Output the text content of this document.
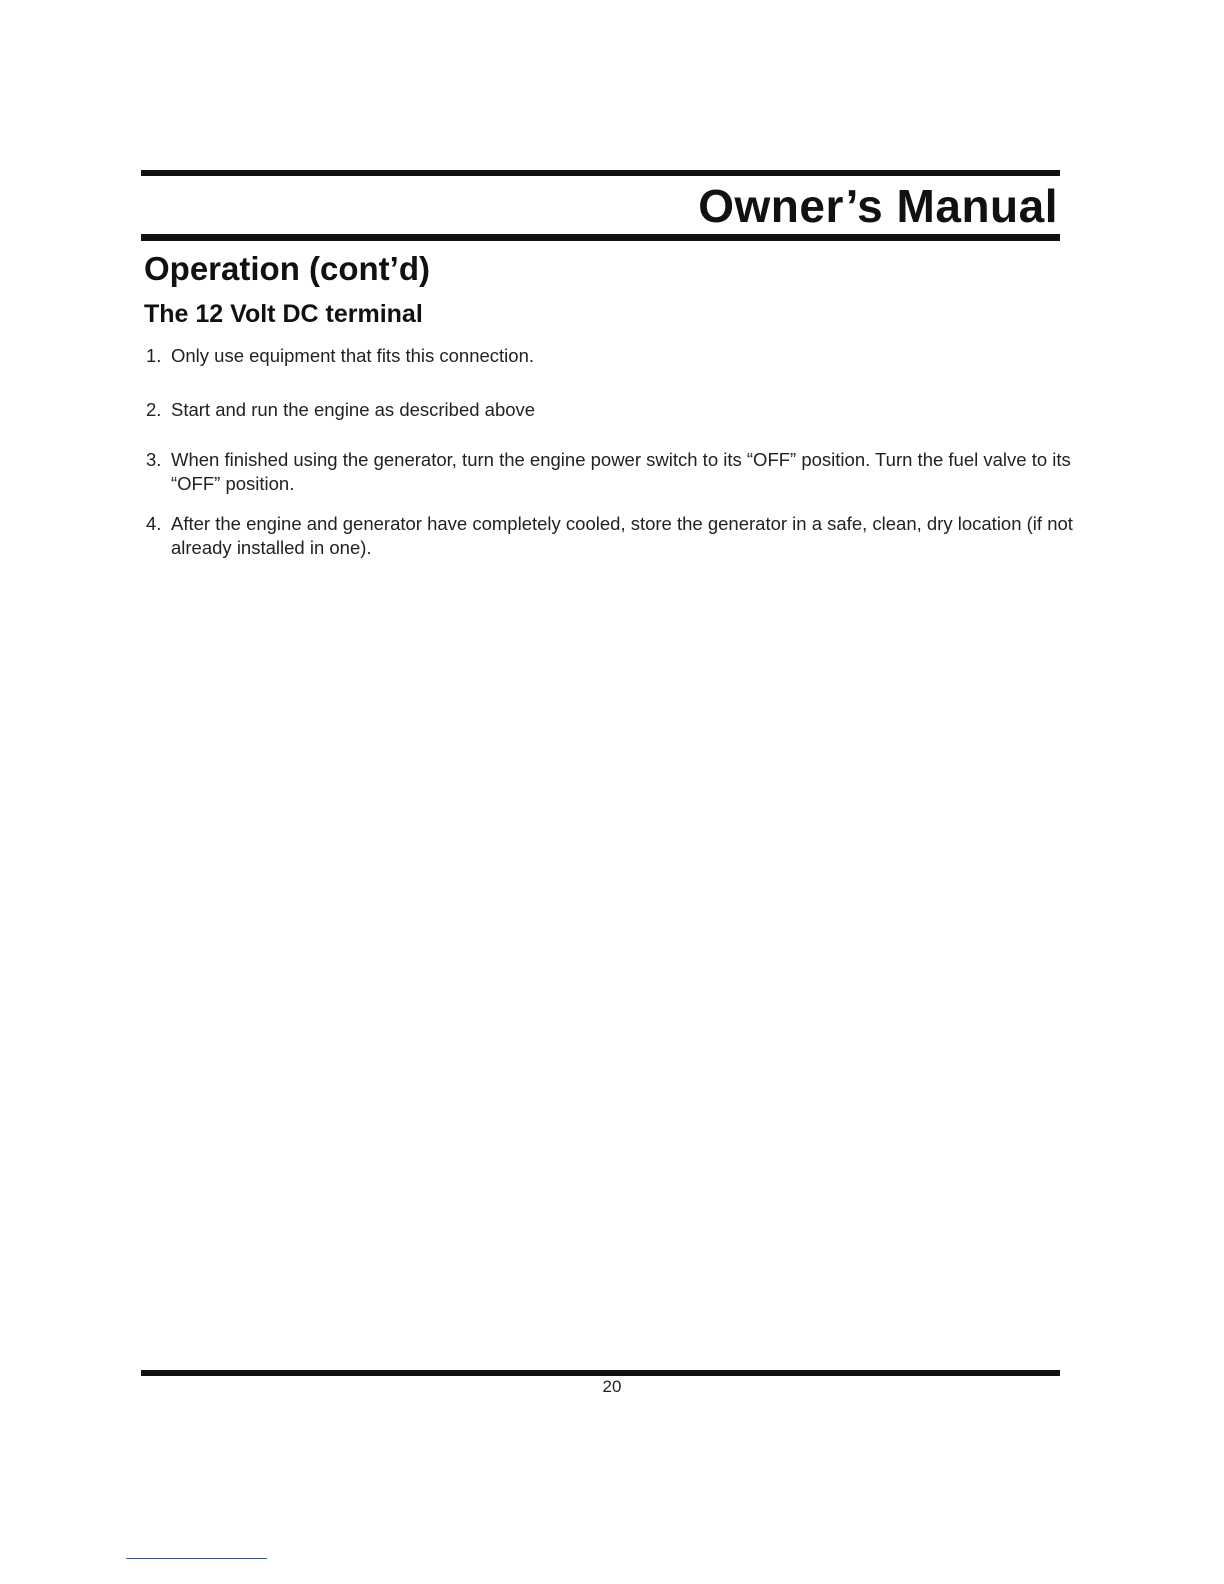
Owner’s Manual
Operation (cont’d)
The 12 Volt DC terminal
1. Only use equipment that fits this connection.
2. Start and run the engine as described above
3. When finished using the generator, turn the engine power switch to its “OFF” position. Turn the fuel valve to its “OFF” position.
4. After the engine and generator have completely cooled, store the generator in a safe, clean, dry location (if not already installed in one).
20
